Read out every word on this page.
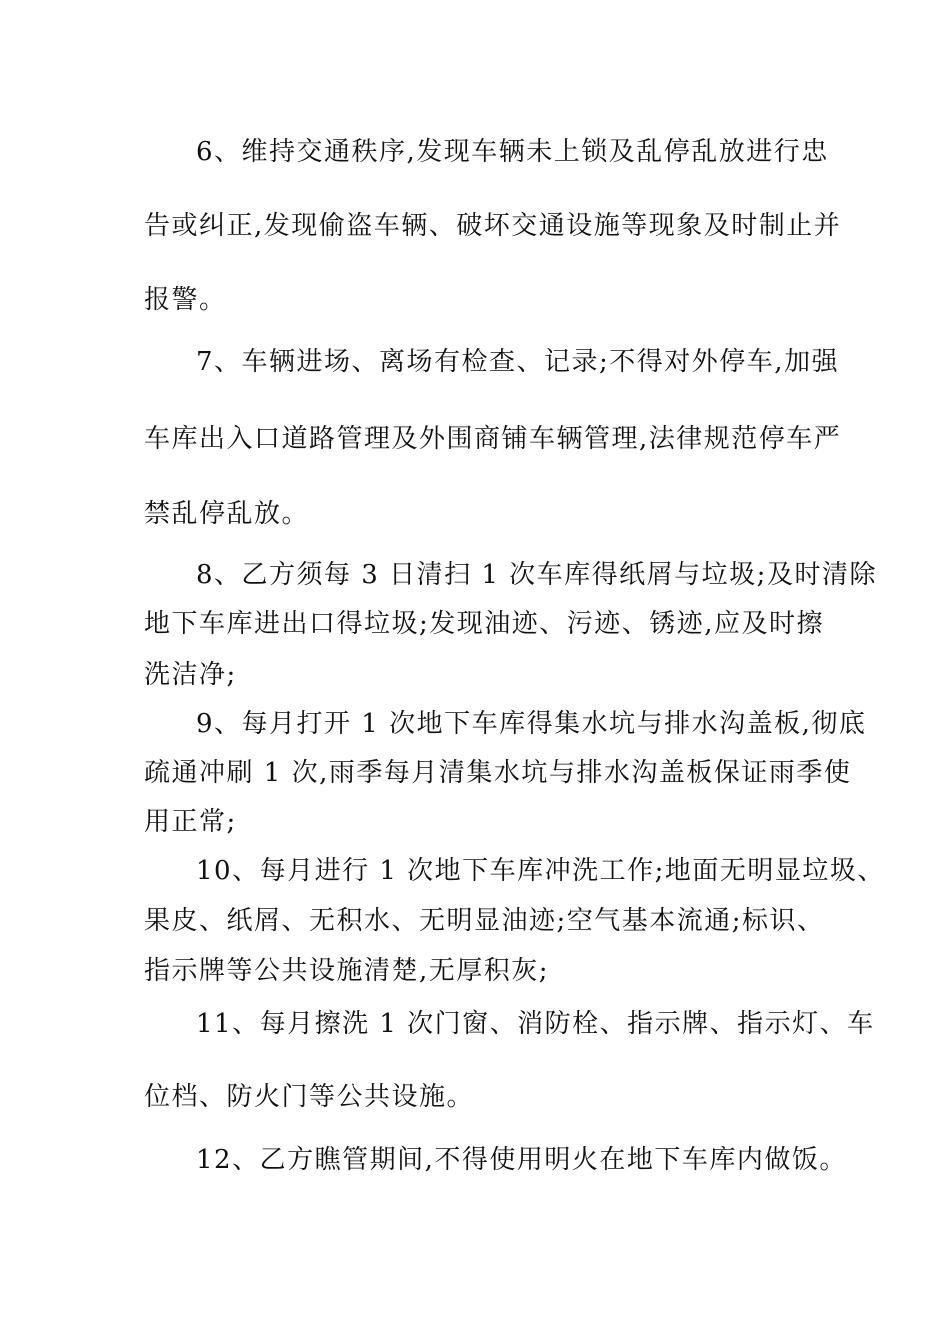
6、维持交通秩序,发现车辆未上锁及乱停乱放进行忠
告或纠正,发现偷盗车辆、破坏交通设施等现象及时制止并
报警。
7、车辆进场、离场有检查、记录;不得对外停车,加强
车库出入口道路管理及外围商铺车辆管理,法律规范停车严
禁乱停乱放。
8、乙方须每 3 日清扫 1 次车库得纸屑与垃圾;及时清除
地下车库进出口得垃圾;发现油迹、污迹、锈迹,应及时擦
洗洁净;
9、每月打开 1 次地下车库得集水坑与排水沟盖板,彻底
疏通冲刷 1 次,雨季每月清集水坑与排水沟盖板保证雨季使
用正常;
10、每月进行 1 次地下车库冲洗工作;地面无明显垃圾、
果皮、纸屑、无积水、无明显油迹;空气基本流通;标识、
指示牌等公共设施清楚,无厚积灰;
11、每月擦洗 1 次门窗、消防栓、指示牌、指示灯、车
位档、防火门等公共设施。
12、乙方瞧管期间,不得使用明火在地下车库内做饭。
